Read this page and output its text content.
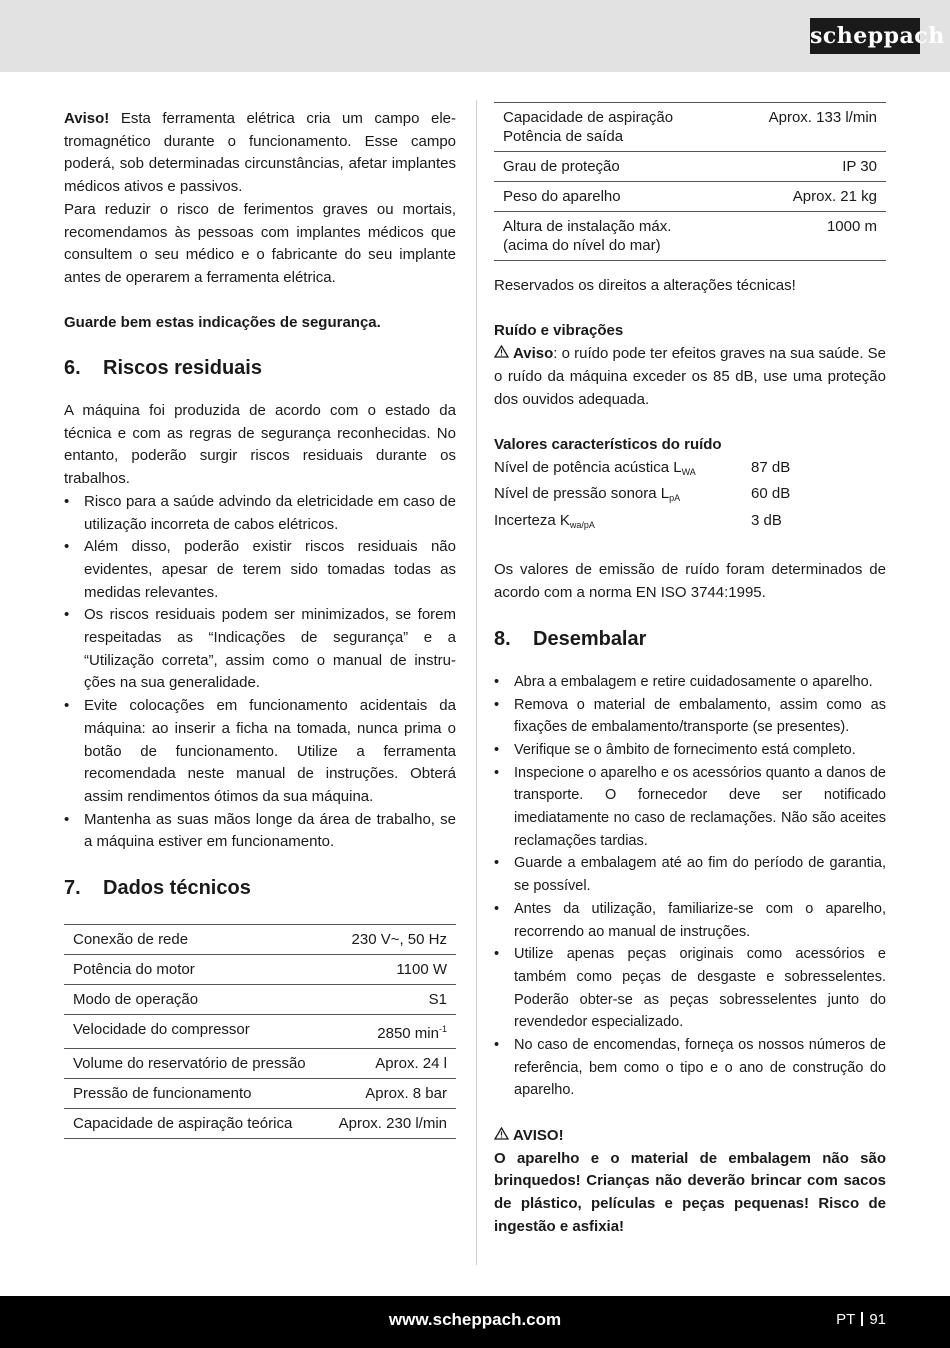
scheppach

Aviso! Esta ferramenta elétrica cria um campo eletromagnético durante o funcionamento. Esse campo poderá, sob determinadas circunstâncias, afetar implantes médicos ativos e passivos.

Para reduzir o risco de ferimentos graves ou mortais, recomendamos às pessoas com implantes médicos que consultem o seu médico e o fabricante do seu implante antes de operarem a ferramenta elétrica.

Guarde bem estas indicações de segurança.

6. Riscos residuais

A máquina foi produzida de acordo com o estado da técnica e com as regras de segurança reconhecidas. No entanto, poderão surgir riscos residuais durante os trabalhos.

• Risco para a saúde advindo da eletricidade em caso de utilização incorreta de cabos elétricos.
• Além disso, poderão existir riscos residuais não evidentes, apesar de terem sido tomadas todas as medidas relevantes.
• Os riscos residuais podem ser minimizados, se forem respeitadas as “Indicações de segurança” e a “Utilização correta”, assim como o manual de instruções na sua generalidade.
• Evite colocações em funcionamento acidentais da máquina: ao inserir a ficha na tomada, nunca prima o botão de funcionamento. Utilize a ferramenta recomendada neste manual de instruções. Obterá assim rendimentos ótimos da sua máquina.
• Mantenha as suas mãos longe da área de trabalho, se a máquina estiver em funcionamento.
7. Dados técnicos
Conexão de rede	230 V~, 50 Hz
Potência do motor	1100 W
Modo de operação	S1
Velocidade do compressor	2850 $\min^{-1}$
Volume do reservatório de pressão	Aprox. 24 l
Pressão de funcionamento	Aprox. 8 bar
Capacidade de aspiração teórica	Aprox. 230 l/min
Capacidade de aspiração Potência de saída	Aprox. 133 l/min
Grau de proteção	IP 30
Peso do aparelho	Aprox. 21 kg
Altura de instalação máx. (acima do nível do mar)	1000 m

Reservados os direitos a alterações técnicas!

Ruído e vibrações

Aviso: o ruído pode ter efeitos graves na sua saúde. Se o ruído da máquina exceder os 85 dB, use uma proteção dos ouvidos adequada.

Valores característicos do ruído

Nível de potência acústica $L_{WA}$	87 dB
Nível de pressão sonora $L_{pA}$	60 dB
Incerteza $K_{wa/pA}$	3 dB

Os valores de emissão de ruído foram determinados de acordo com a norma EN ISO 3744:1995.

8. Desembalar
• Abra a embalagem e retire cuidadosamente o aparelho.
• Remova o material de embalamento, assim como as fixações de embalamento/transporte (se presentes).
• Verifique se o âmbito de fornecimento está completo.
• Inspecione o aparelho e os acessórios quanto a danos de transporte. O fornecedor deve ser notificado imediatamente no caso de reclamações. Não são aceites reclamações tardias.
• Guarde a embalagem até ao fim do período de garantia, se possível.
• Antes da utilização, familiarize-se com o aparelho, recorrendo ao manual de instruções.
• Utilize apenas peças originais como acessórios e também como peças de desgaste e sobresselentes. Poderão obter-se as peças sobresselentes junto do revendedor especializado.
• No caso de encomendas, forneça os nossos números de referência, bem como o tipo e o ano de construção do aparelho.

AVISO!

O aparelho e o material de embalagem não são brinquedos! Crianças não deverão brincar com sacos de plástico, películas e peças pequenas! Risco de ingestão e asfixia!

www.scheppach.com	PT 91
